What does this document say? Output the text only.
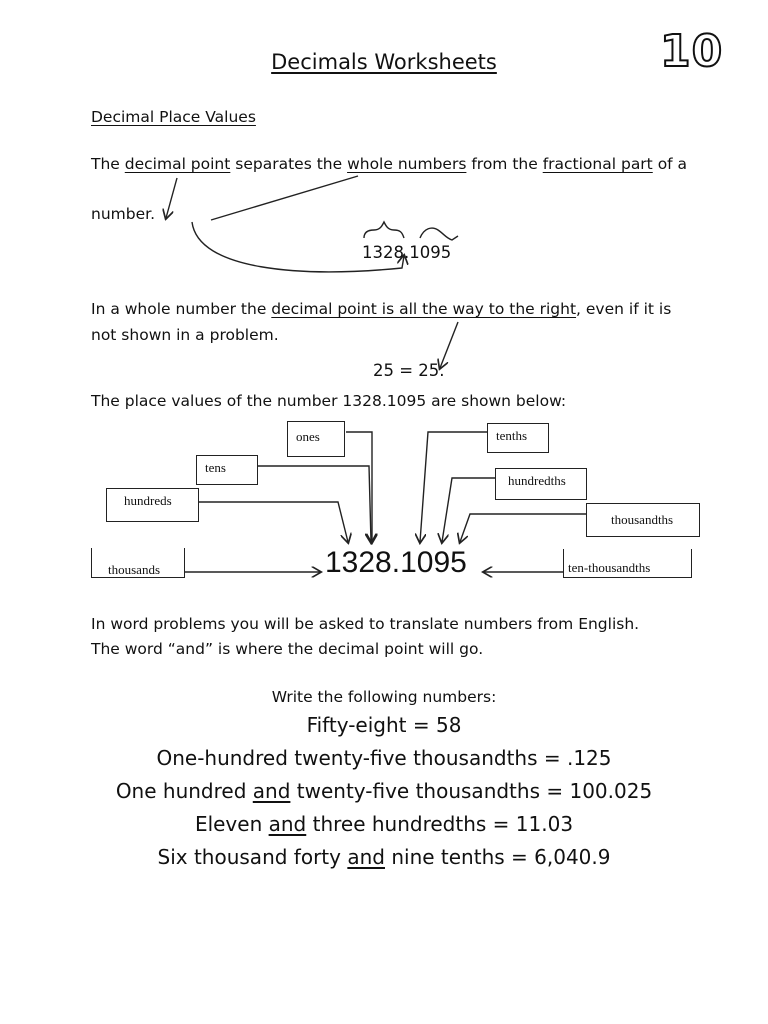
Decimals Worksheets	10
Decimal Place Values
The decimal point separates the whole numbers from the fractional part of a
number.
1328.1095
In a whole number the decimal point is all the way to the right, even if it is
not shown in a problem.
25 = 25.
The place values of the number 1328.1095 are shown below:
ones
tens
hundreds
thousands
tenths
hundredths
thousandths
ten-thousandths
1328.1095
In word problems you will be asked to translate numbers from English.
The word “and” is where the decimal point will go.
Write the following numbers:
Fifty-eight = 58
One-hundred twenty-five thousandths = .125
One hundred and twenty-five thousandths = 100.025
Eleven and three hundredths = 11.03
Six thousand forty and nine tenths = 6,040.9
